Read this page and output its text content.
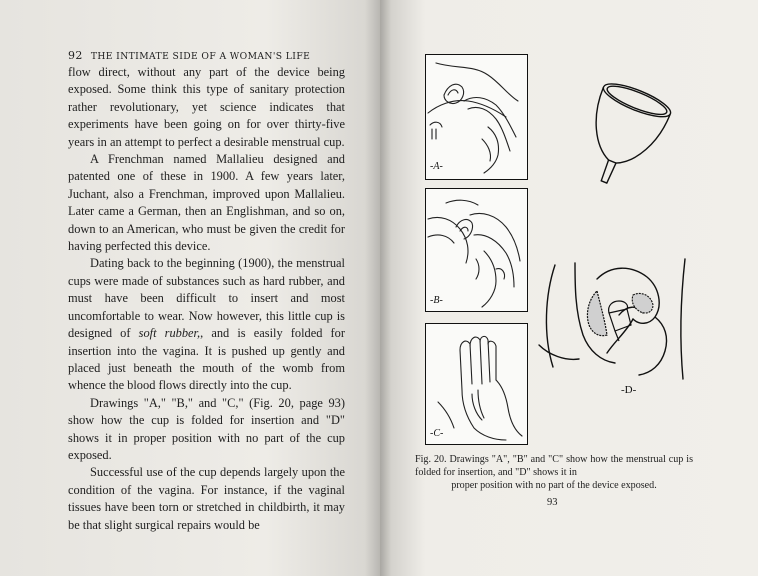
92 THE INTIMATE SIDE OF A WOMAN'S LIFE

flow direct, without any part of the device being exposed. Some think this type of sanitary protection rather revolutionary, yet science indicates that experiments have been going on for over thirty-five years in an attempt to perfect a desirable menstrual cup.

A Frenchman named Mallalieu designed and patented one of these in 1900. A few years later, Juchant, also a Frenchman, improved upon Mallalieu. Later came a German, then an Englishman, and so on, down to an American, who must be given the credit for having perfected this device.

Dating back to the beginning (1900), the menstrual cups were made of substances such as hard rubber, and must have been difficult to insert and most uncomfortable to wear. Now however, this little cup is designed of soft rubber,, and is easily folded for insertion into the vagina. It is pushed up gently and placed just beneath the mouth of the womb from whence the blood flows directly into the cup.

Drawings "A," "B," and "C," (Fig. 20, page 93) show how the cup is folded for insertion and "D" shows it in proper position with no part of the cup exposed.

Successful use of the cup depends largely upon the condition of the vagina. For instance, if the vaginal tissues have been torn or stretched in childbirth, it may be that slight surgical repairs would be

-A-
-B-
-C-
-D-
Fig. 20. Drawings "A", "B" and "C" show how the menstrual cup is folded for insertion, and "D" shows it in
proper position with no part of the device exposed.
93
